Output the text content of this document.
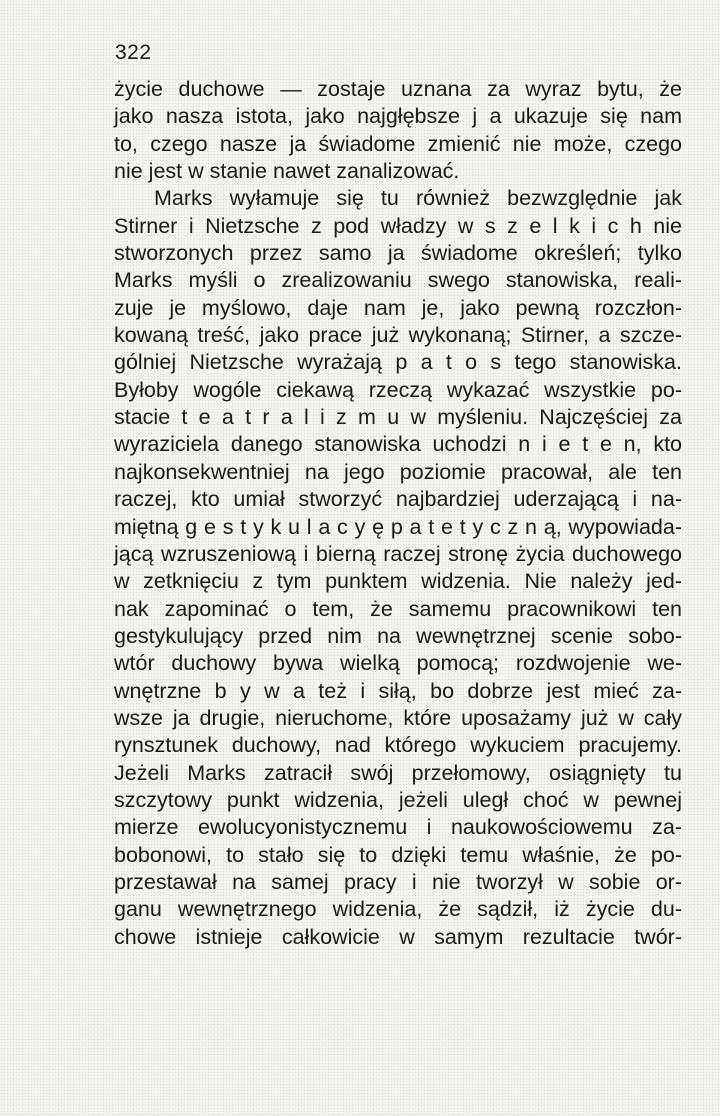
322
życie duchowe — zostaje uznana za wyraz bytu, że
jako nasza istota, jako najgłębsze j a ukazuje się nam
to, czego nasze ja świadome zmienić nie może, czego
nie jest w stanie nawet zanalizować.
Marks wyłamuje się tu również bezwzględnie jak
Stirner i Nietzsche z pod władzy w s z e l k i c h nie
stworzonych przez samo ja świadome określeń; tylko
Marks myśli o zrealizowaniu swego stanowiska, reali-
zuje je myślowo, daje nam je, jako pewną rozczłon-
kowaną treść, jako prace już wykonaną; Stirner, a szcze-
gólniej Nietzsche wyrażają p a t o s tego stanowiska.
Byłoby wogóle ciekawą rzeczą wykazać wszystkie po-
stacie t e a t r a l i z m u w myśleniu. Najczęściej za
wyraziciela danego stanowiska uchodzi n i e t e n, kto
najkonsekwentniej na jego poziomie pracował, ale ten
raczej, kto umiał stworzyć najbardziej uderzającą i na-
miętną g e s t y k u l a c y ę p a t e t y c z n ą, wypowiada-
jącą wzruszeniową i bierną raczej stronę życia duchowego
w zetknięciu z tym punktem widzenia. Nie należy jed-
nak zapominać o tem, że samemu pracownikowi ten
gestykulujący przed nim na wewnętrznej scenie sobo-
wtór duchowy bywa wielką pomocą; rozdwojenie we-
wnętrzne b y w a też i siłą, bo dobrze jest mieć za-
wsze ja drugie, nieruchome, które uposażamy już w cały
rynsztunek duchowy, nad którego wykuciem pracujemy.
Jeżeli Marks zatracił swój przełomowy, osiągnięty tu
szczytowy punkt widzenia, jeżeli uległ choć w pewnej
mierze ewolucyonistycznemu i naukowościowemu za-
bobonowi, to stało się to dzięki temu właśnie, że po-
przestawał na samej pracy i nie tworzył w sobie or-
ganu wewnętrznego widzenia, że sądził, iż życie du-
chowe istnieje całkowicie w samym rezultacie twór-
